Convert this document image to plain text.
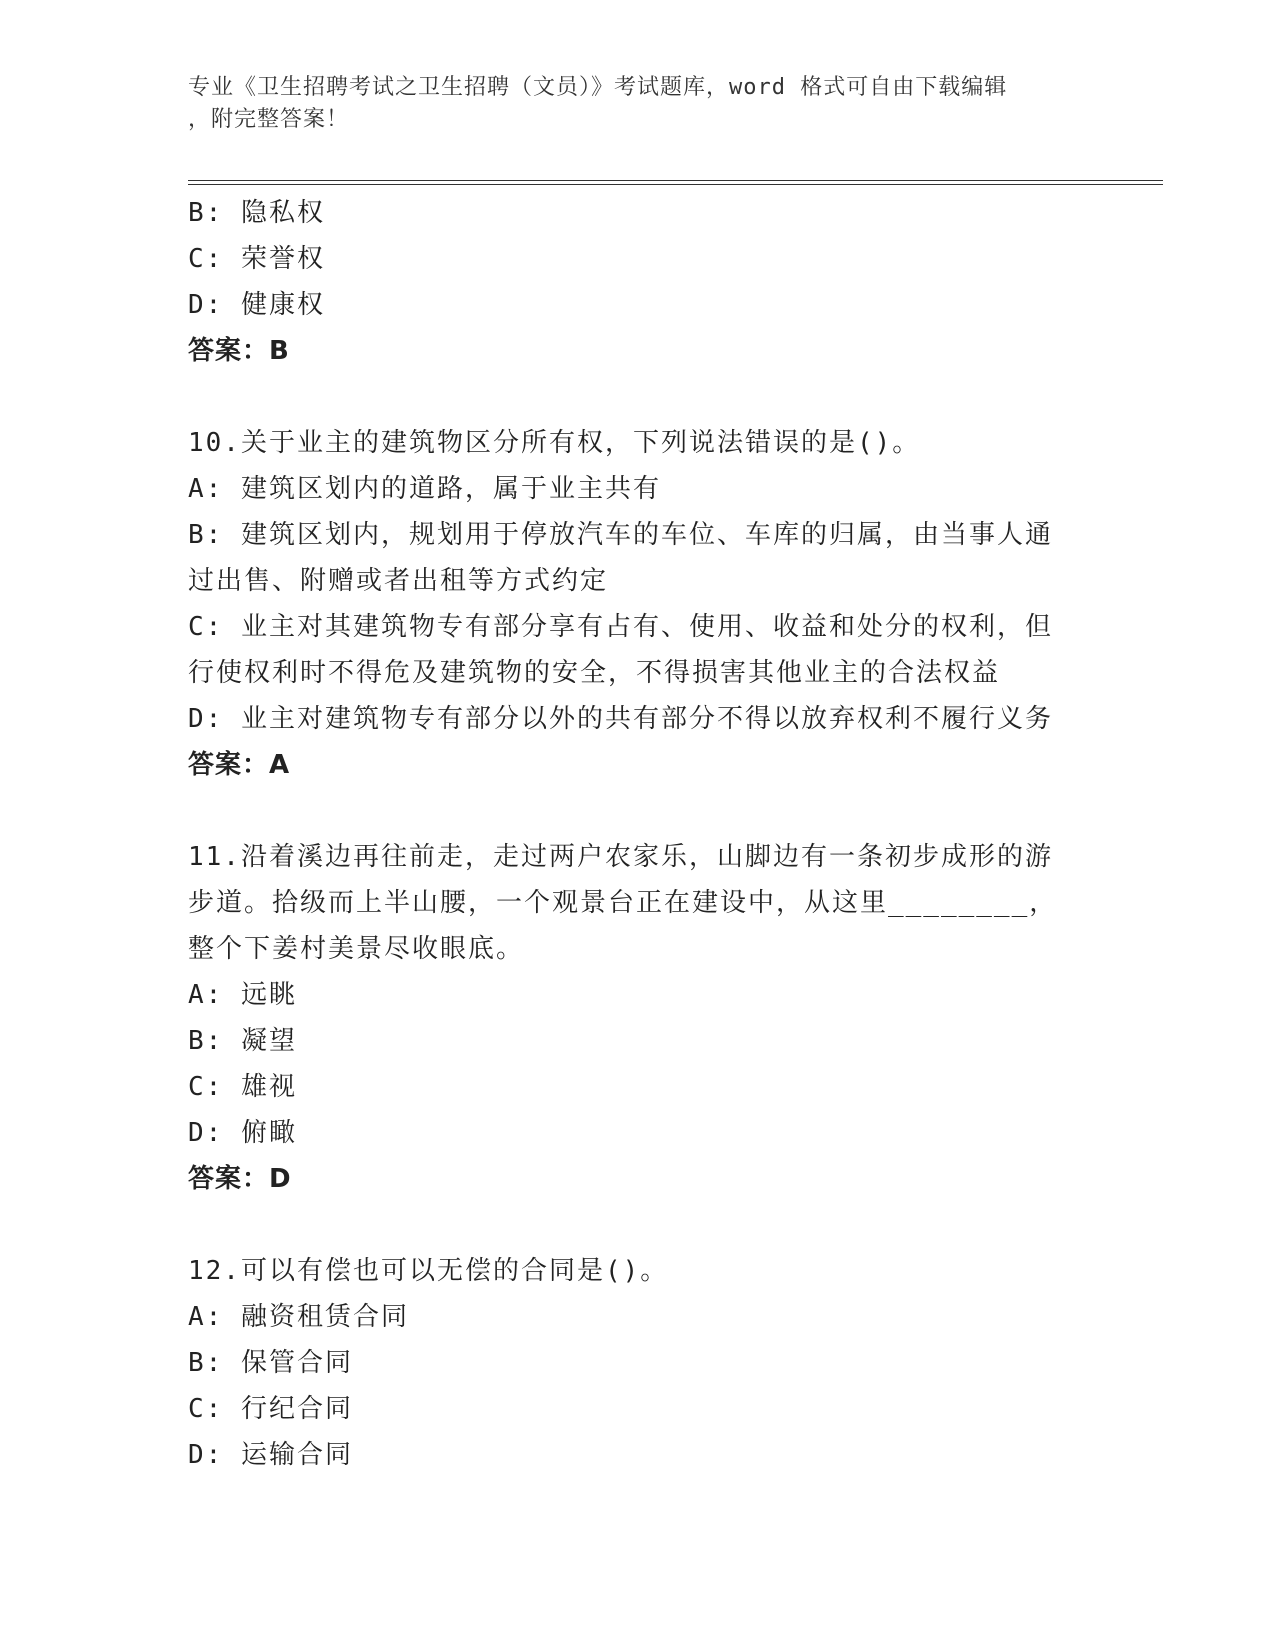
专业《卫生招聘考试之卫生招聘（文员）》考试题库，word 格式可自由下载编辑
，附完整答案！
B: 隐私权
C: 荣誉权
D: 健康权
答案：B
10.关于业主的建筑物区分所有权，下列说法错误的是()。
A: 建筑区划内的道路，属于业主共有
B: 建筑区划内，规划用于停放汽车的车位、车库的归属，由当事人通
过出售、附赠或者出租等方式约定
C: 业主对其建筑物专有部分享有占有、使用、收益和处分的权利，但
行使权利时不得危及建筑物的安全，不得损害其他业主的合法权益
D: 业主对建筑物专有部分以外的共有部分不得以放弃权利不履行义务
答案：A
11.沿着溪边再往前走，走过两户农家乐，山脚边有一条初步成形的游
步道。拾级而上半山腰，一个观景台正在建设中，从这里________，
整个下姜村美景尽收眼底。
A: 远眺
B: 凝望
C: 雄视
D: 俯瞰
答案：D
12.可以有偿也可以无偿的合同是()。
A: 融资租赁合同
B: 保管合同
C: 行纪合同
D: 运输合同
